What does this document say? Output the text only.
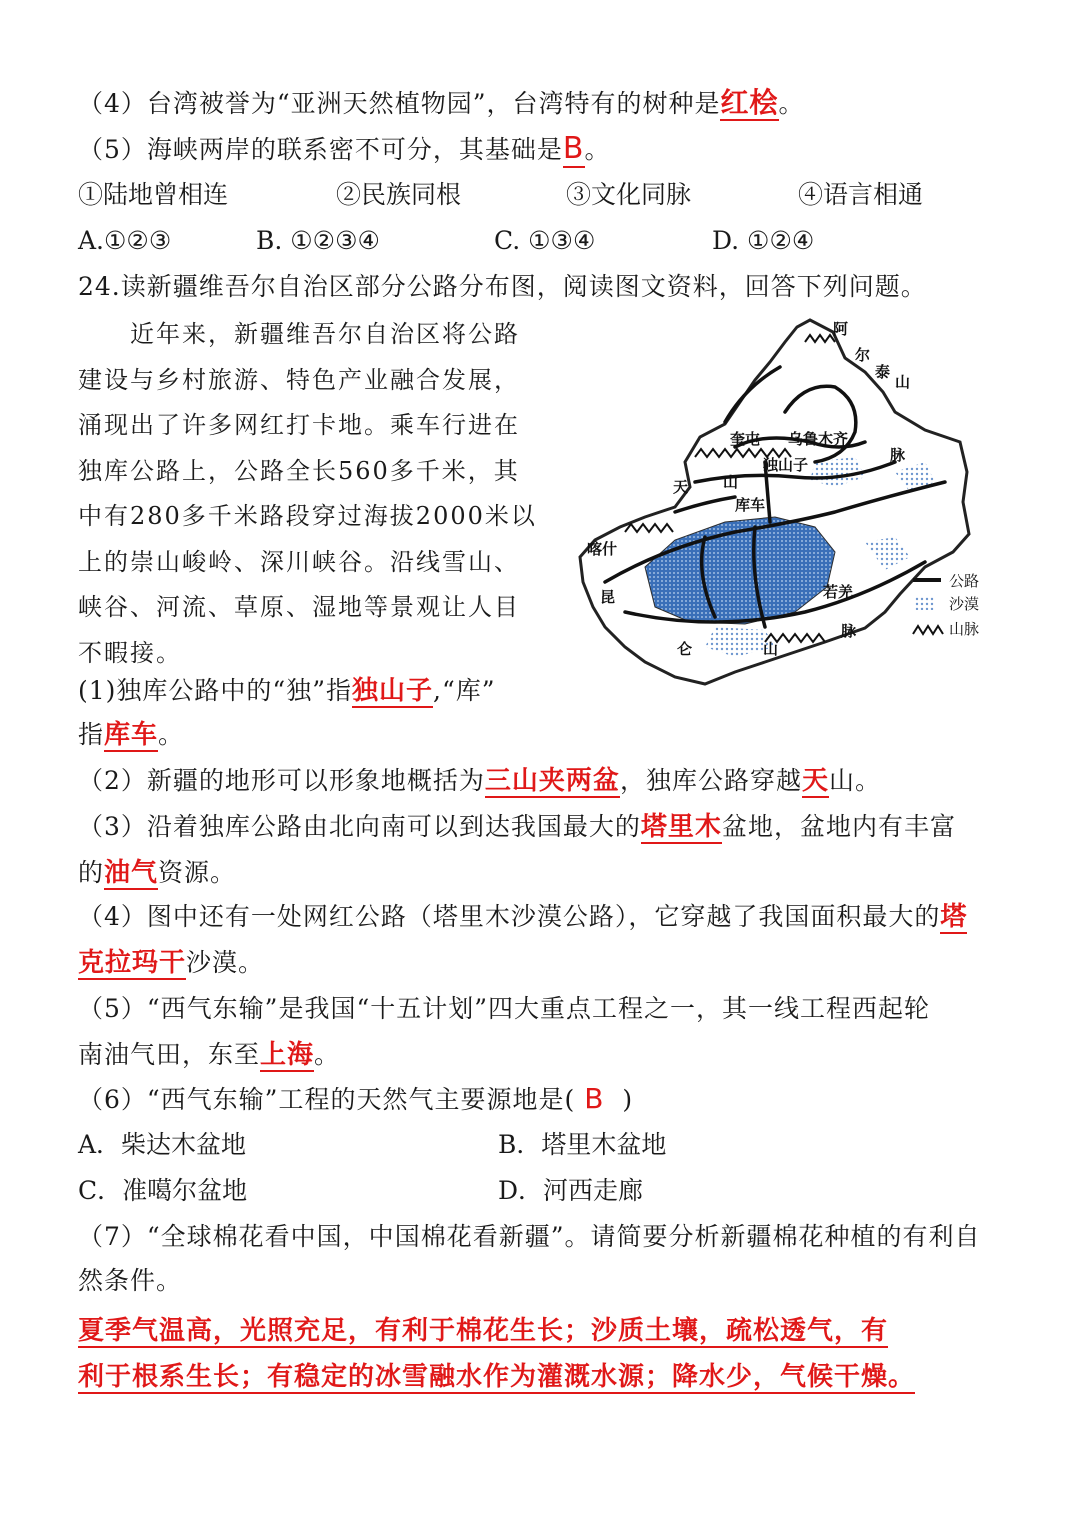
（4）台湾被誉为“亚洲天然植物园”，台湾特有的树种是红桧。
（5）海峡两岸的联系密不可分，其基础是B。
①陆地曾相连	②民族同根	③文化同脉	④语言相通
A.①②③	B. ①②③④	C. ①③④	D. ①②④
24.读新疆维吾尔自治区部分公路分布图，阅读图文资料，回答下列问题。

　　近年来，新疆维吾尔自治区将公路

建设与乡村旅游、特色产业融合发展，

涌现出了许多网红打卡地。乘车行进在

独库公路上，公路全长560多千米，其

中有280多千米路段穿过海拔2000米以

上的崇山峻岭、深川峡谷。沿线雪山、

峡谷、河流、草原、湿地等景观让人目

不暇接。

阿
尔
泰
山
奎屯 乌鲁木齐
独山子
天 山
库车
脉
喀什
昆	若羌
仑	山
脉
公路
沙漠
山脉
(1)独库公路中的“独”指独山子,“库”
指库车。
（2）新疆的地形可以形象地概括为三山夹两盆，独库公路穿越天山。
（3）沿着独库公路由北向南可以到达我国最大的塔里木盆地，盆地内有丰富
的油气资源。
（4）图中还有一处网红公路（塔里木沙漠公路），它穿越了我国面积最大的塔
克拉玛干沙漠。
（5）“西气东输”是我国“十五计划”四大重点工程之一，其一线工程西起轮
南油气田，东至上海。
（6）“西气东输”工程的天然气主要源地是( B )
A．柴达木盆地	B．塔里木盆地
C．准噶尔盆地	D．河西走廊
（7）“全球棉花看中国，中国棉花看新疆”。请简要分析新疆棉花种植的有利自
然条件。
夏季气温高，光照充足，有利于棉花生长；沙质土壤，疏松透气，有
利于根系生长；有稳定的冰雪融水作为灌溉水源；降水少，气候干燥。
